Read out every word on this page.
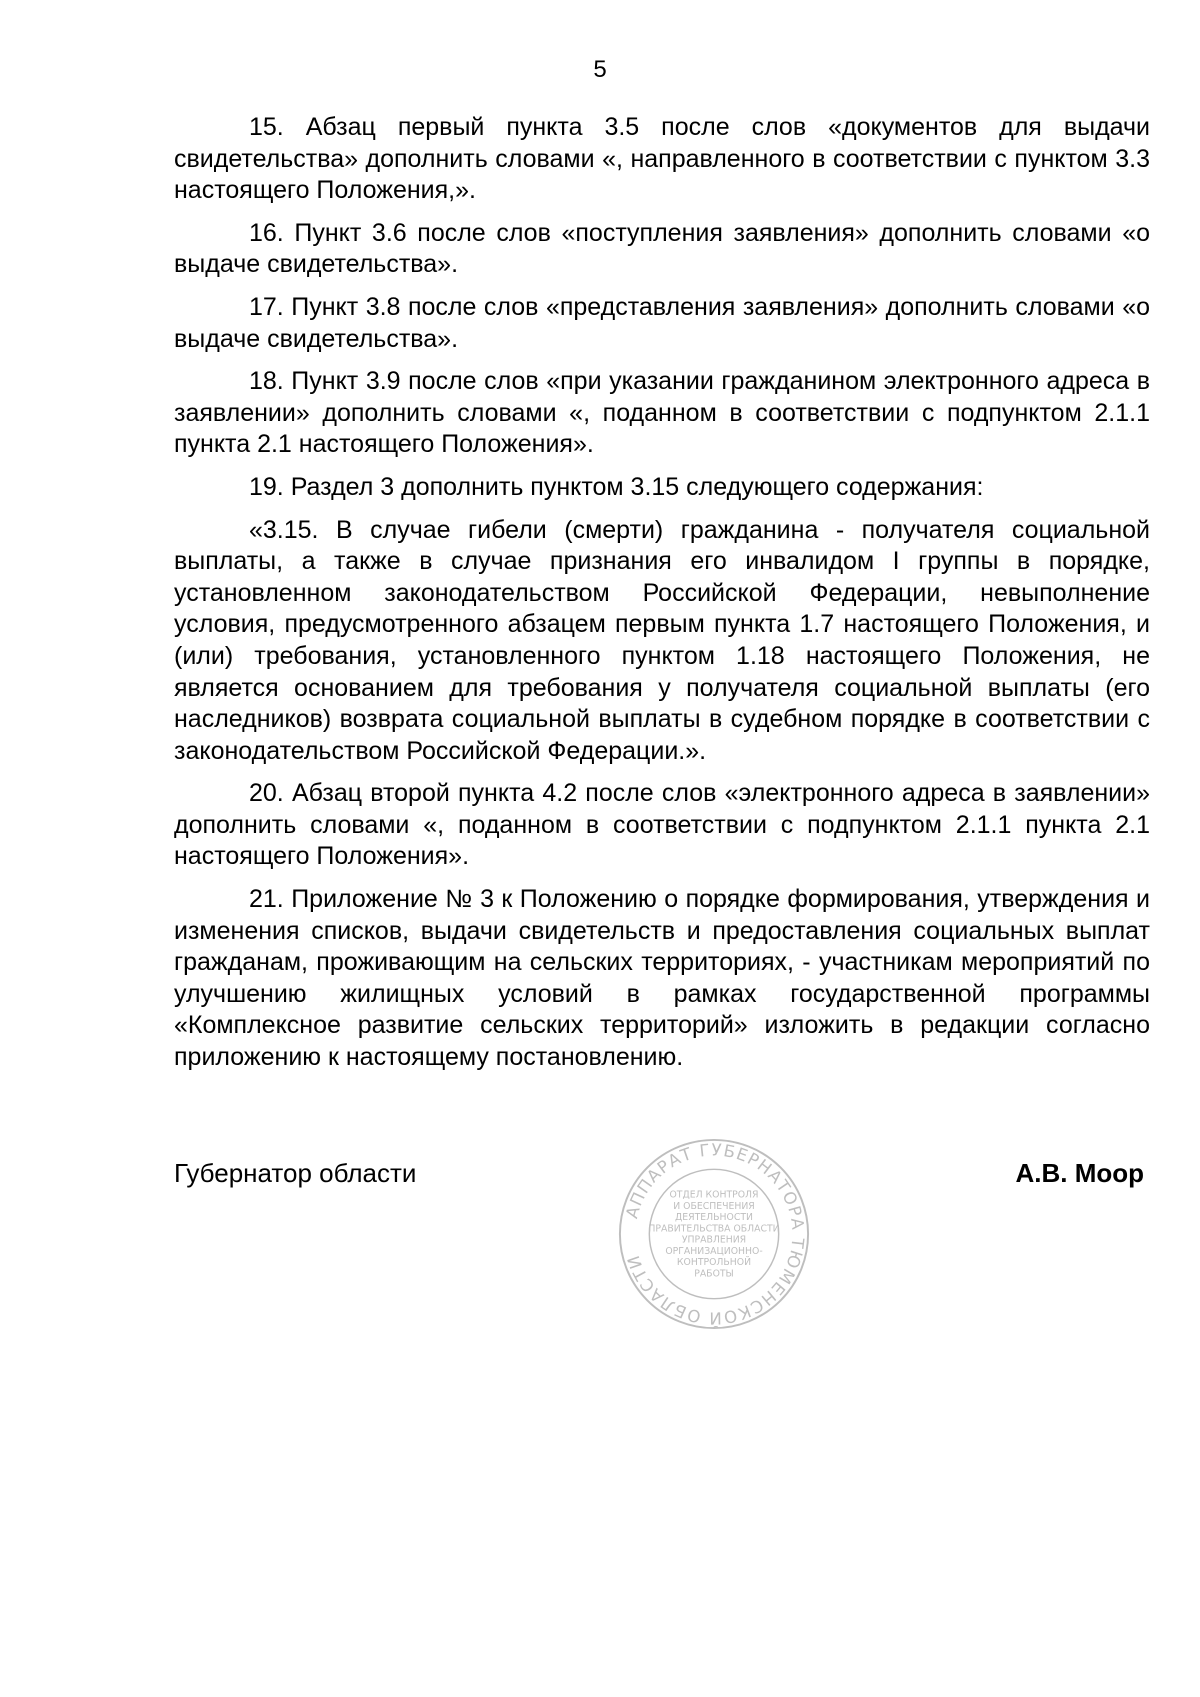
5

15. Абзац первый пункта 3.5 после слов «документов для выдачи свидетельства» дополнить словами «, направленного в соответствии с пунктом 3.3 настоящего Положения,».

16. Пункт 3.6 после слов «поступления заявления» дополнить словами «о выдаче свидетельства».

17. Пункт 3.8 после слов «представления заявления» дополнить словами «о выдаче свидетельства».

18. Пункт 3.9 после слов «при указании гражданином электронного адреса в заявлении» дополнить словами «, поданном в соответствии с подпунктом 2.1.1 пункта 2.1 настоящего Положения».

19. Раздел 3 дополнить пунктом 3.15 следующего содержания:

«3.15. В случае гибели (смерти) гражданина - получателя социальной выплаты, а также в случае признания его инвалидом I группы в порядке, установленном законодательством Российской Федерации, невыполнение условия, предусмотренного абзацем первым пункта 1.7 настоящего Положения, и (или) требования, установленного пунктом 1.18 настоящего Положения, не является основанием для требования у получателя социальной выплаты (его наследников) возврата социальной выплаты в судебном порядке в соответствии с законодательством Российской Федерации.».

20. Абзац второй пункта 4.2 после слов «электронного адреса в заявлении» дополнить словами «, поданном в соответствии с подпунктом 2.1.1 пункта 2.1 настоящего Положения».

21. Приложение № 3 к Положению о порядке формирования, утверждения и изменения списков, выдачи свидетельств и предоставления социальных выплат гражданам, проживающим на сельских территориях, - участникам мероприятий по улучшению жилищных условий в рамках государственной программы «Комплексное развитие сельских территорий» изложить в редакции согласно приложению к настоящему постановлению.

Губернатор области	А.В. Моор
АППАРАТ ГУБЕРНАТОРА ТЮМЕНСКОЙ ОБЛАСТИ
ОТДЕЛ КОНТРОЛЯ
И ОБЕСПЕЧЕНИЯ
ДЕЯТЕЛЬНОСТИ
ПРАВИТЕЛЬСТВА ОБЛАСТИ
УПРАВЛЕНИЯ
ОРГАНИЗАЦИОННО-
КОНТРОЛЬНОЙ
РАБОТЫ
